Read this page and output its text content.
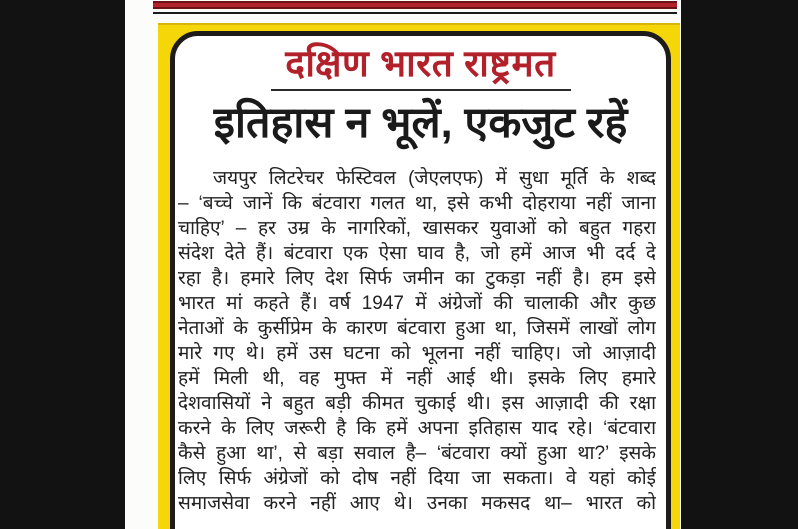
दक्षिण भारत राष्ट्रमत
इतिहास न भूलें, एकजुट रहें
जयपुर लिटरेचर फेस्टिवल (जेएलएफ) में सुधा मूर्ति के शब्द
– ‘बच्चे जानें कि बंटवारा गलत था, इसे कभी दोहराया नहीं जाना
चाहिए’ – हर उम्र के नागरिकों, खासकर युवाओं को बहुत गहरा
संदेश देते हैं। बंटवारा एक ऐसा घाव है, जो हमें आज भी दर्द दे
रहा है। हमारे लिए देश सिर्फ जमीन का टुकड़ा नहीं है। हम इसे
भारत मां कहते हैं। वर्ष 1947 में अंग्रेजों की चालाकी और कुछ
नेताओं के कुर्सीप्रेम के कारण बंटवारा हुआ था, जिसमें लाखों लोग
मारे गए थे। हमें उस घटना को भूलना नहीं चाहिए। जो आज़ादी
हमें मिली थी, वह मुफ्त में नहीं आई थी। इसके लिए हमारे
देशवासियों ने बहुत बड़ी कीमत चुकाई थी। इस आज़ादी की रक्षा
करने के लिए जरूरी है कि हमें अपना इतिहास याद रहे। ‘बंटवारा
कैसे हुआ था’, से बड़ा सवाल है– ‘बंटवारा क्यों हुआ था?’ इसके
लिए सिर्फ अंग्रेजों को दोष नहीं दिया जा सकता। वे यहां कोई
समाजसेवा करने नहीं आए थे। उनका मकसद था– भारत को
